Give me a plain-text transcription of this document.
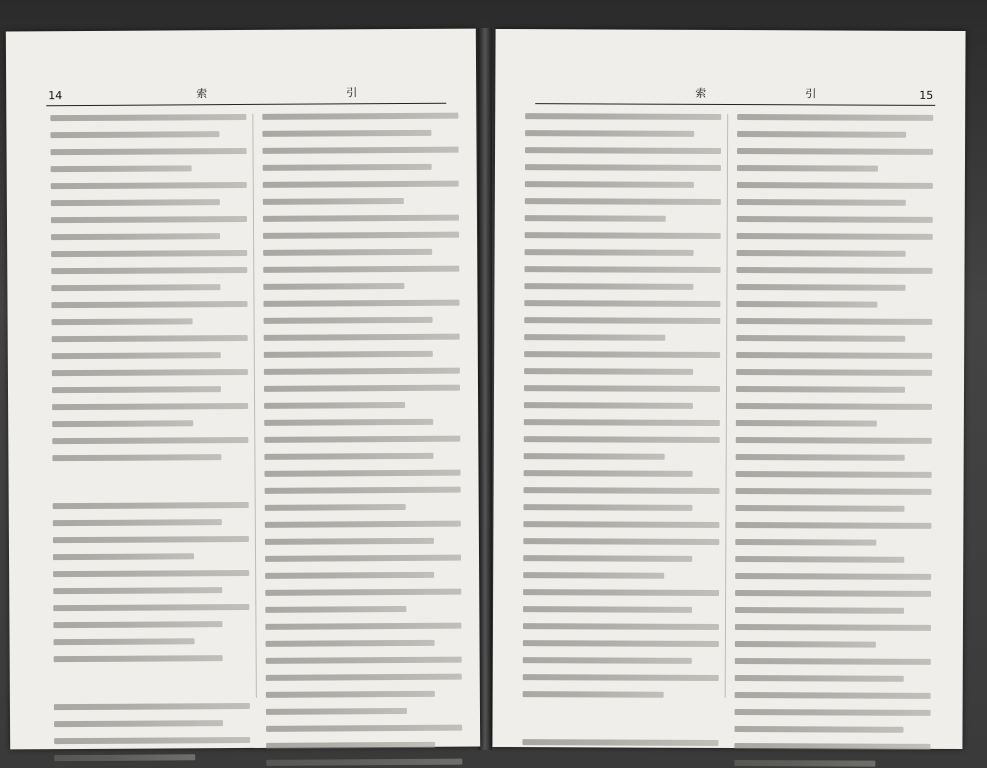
14	索	引	索	引	15
